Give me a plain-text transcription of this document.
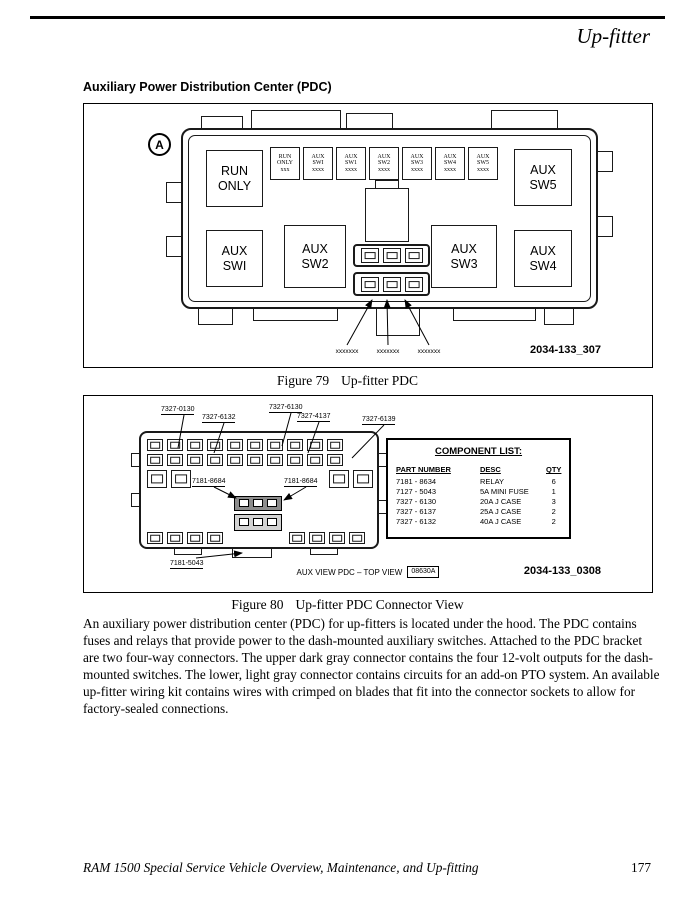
Up-fitter
Auxiliary Power Distribution Center (PDC)
A
RUN
ONLY
AUX
SW5
AUX
SWI
AUX
SW2
AUX
SW3
AUX
SW4
RUN
ONLY
xxx
AUX
SWI
xxxx
AUX
SW1
xxxx
AUX
SW2
xxxx
AUX
SW3
xxxx
AUX
SW4
xxxx
AUX
SW5
xxxx
xxxxxxx	xxxxxxx	xxxxxxx	2034-133_307
Figure 79 Up-fitter PDC
7327-0130
7327-6132
7327-6130
7327-4137	7327-6139
7181-8684	7181-8684
7181-5043
COMPONENT LIST:
PART NUMBER	DESC	QTY
7181 - 8634	RELAY	6
7127 - 5043	5A MINI FUSE	1
7327 - 6130	20A J CASE	3
7327 - 6137	25A J CASE	2
7327 - 6132	40A J CASE	2
AUX VIEW PDC – TOP VIEW	08630A	2034-133_0308
Figure 80 Up-fitter PDC Connector View
An auxiliary power distribution center (PDC) for up-fitters is located under the hood. The PDC contains fuses and relays that provide power to the dash-mounted auxiliary switches. Attached to the PDC bracket are two four-way connectors. The upper dark gray connector contains the four 12-volt outputs for the dash-mounted switches. The lower, light gray connector contains circuits for an add-on PTO system. An available up-fitter wiring kit contains wires with crimped on blades that fit into the connector sockets to allow for factory-sealed connections.
RAM 1500 Special Service Vehicle Overview, Maintenance, and Up-fitting	177
